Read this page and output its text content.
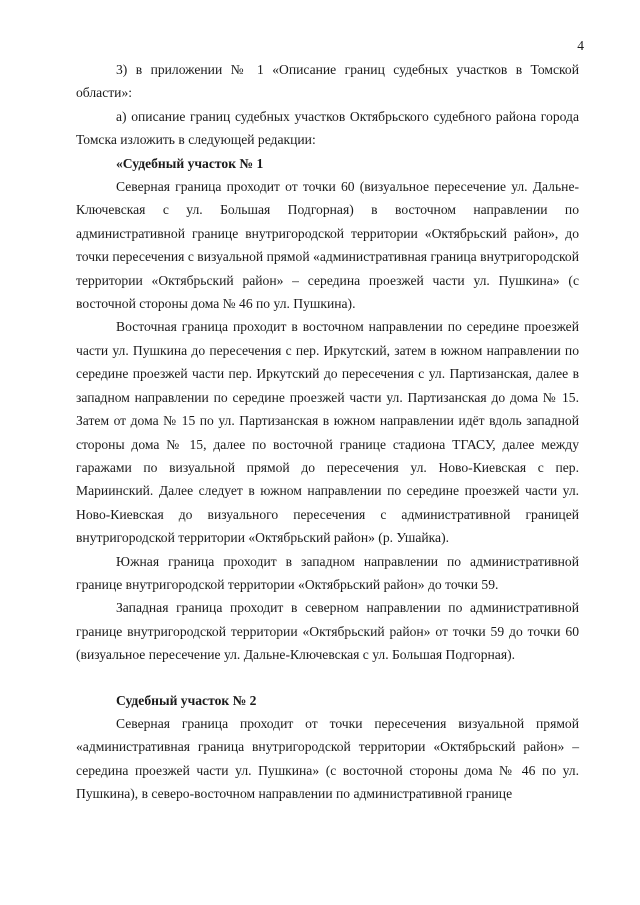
4

3) в приложении № 1 «Описание границ судебных участков в Томской области»:

а) описание границ судебных участков Октябрьского судебного района города Томска изложить в следующей редакции:

«Судебный участок № 1

Северная граница проходит от точки 60 (визуальное пересечение ул. Дальне-Ключевская с ул. Большая Подгорная) в восточном направлении по административной границе внутригородской территории «Октябрьский район», до точки пересечения с визуальной прямой «административная граница внутригородской территории «Октябрьский район» – середина проезжей части ул. Пушкина» (с восточной стороны дома № 46 по ул. Пушкина).

Восточная граница проходит в восточном направлении по середине проезжей части ул. Пушкина до пересечения с пер. Иркутский, затем в южном направлении по середине проезжей части пер. Иркутский до пересечения с ул. Партизанская, далее в западном направлении по середине проезжей части ул. Партизанская до дома № 15. Затем от дома № 15 по ул. Партизанская в южном направлении идёт вдоль западной стороны дома № 15, далее по восточной границе стадиона ТГАСУ, далее между гаражами по визуальной прямой до пересечения ул. Ново-Киевская с пер. Мариинский. Далее следует в южном направлении по середине проезжей части ул. Ново-Киевская до визуального пересечения с административной границей внутригородской территории «Октябрьский район» (р. Ушайка).

Южная граница проходит в западном направлении по административной границе внутригородской территории «Октябрьский район» до точки 59.

Западная граница проходит в северном направлении по административной границе внутригородской территории «Октябрьский район» от точки 59 до точки 60 (визуальное пересечение ул. Дальне-Ключевская с ул. Большая Подгорная).

Судебный участок № 2

Северная граница проходит от точки пересечения визуальной прямой «административная граница внутригородской территории «Октябрьский район» – середина проезжей части ул. Пушкина» (с восточной стороны дома № 46 по ул. Пушкина), в северо-восточном направлении по административной границе
